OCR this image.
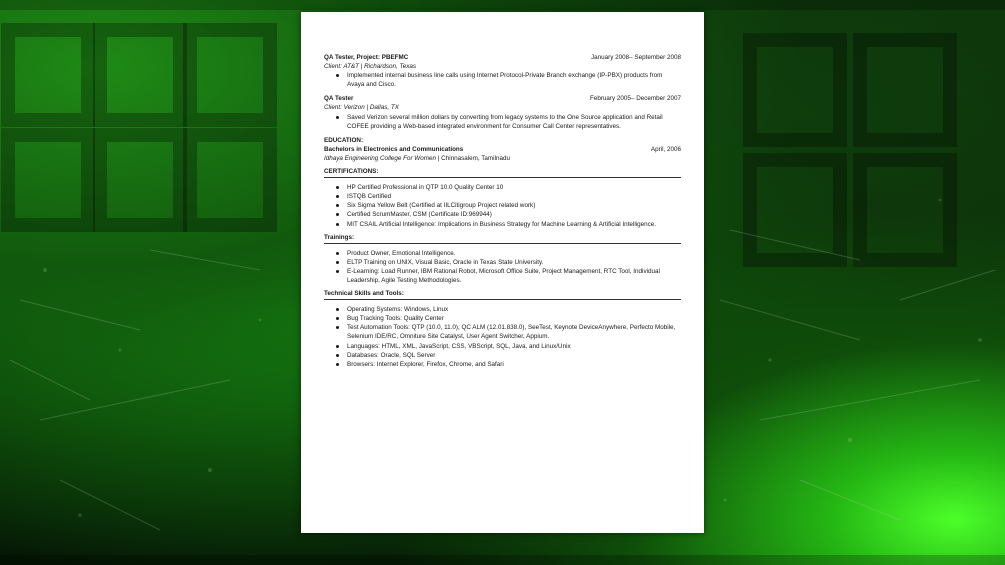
QA Tester, Project: PBEFMC	January 2008– September 2008
Client: AT&T | Richardson, Texas
Implemented internal business line calls using Internet Protocol-Private Branch exchange (IP-PBX) products from Avaya and Cisco.
QA Tester	February 2005– December 2007
Client: Verizon | Dallas, TX
Saved Verizon several million dollars by converting from legacy systems to the One Source application and Retail COFEE providing a Web-based integrated environment for Consumer Call Center representatives.
EDUCATION:
Bachelors in Electronics and Communications	April, 2006
Idhaya Engineering College For Women | Chinnasalem, Tamilnadu
CERTIFICATIONS:
HP Certified Professional in QTP 10.0 Quality Center 10
ISTQB Certified
Six Sigma Yellow Belt (Certified at IILCitigroup Project related work)
Certified ScrumMaster, CSM (Certificate ID:969944)
MIT CSAIL Artificial Intelligence: Implications in Business Strategy for Machine Learning & Artificial Intelligence.
Trainings:
Product Owner, Emotional Intelligence.
ELTP Training on UNIX, Visual Basic, Oracle in Texas State University.
E-Learning: Load Runner, IBM Rational Robot, Microsoft Office Suite, Project Management, RTC Tool, Individual Leadership, Agile Testing Methodologies.
Technical Skills and Tools:
Operating Systems: Windows, Linux
Bug Tracking Tools: Quality Center
Test Automation Tools: QTP (10.0, 11.0), QC ALM (12.01.838.0), SeeTest, Keynote DeviceAnywhere, Perfecto Mobile, Selenium IDE/RC, Omniture Site Catalyst, User Agent Switcher, Appium.
Languages: HTML, XML, JavaScript, CSS, VBScript, SQL, Java, and Linux/Unix
Databases: Oracle, SQL Server
Browsers: Internet Explorer, Firefox, Chrome, and Safari
